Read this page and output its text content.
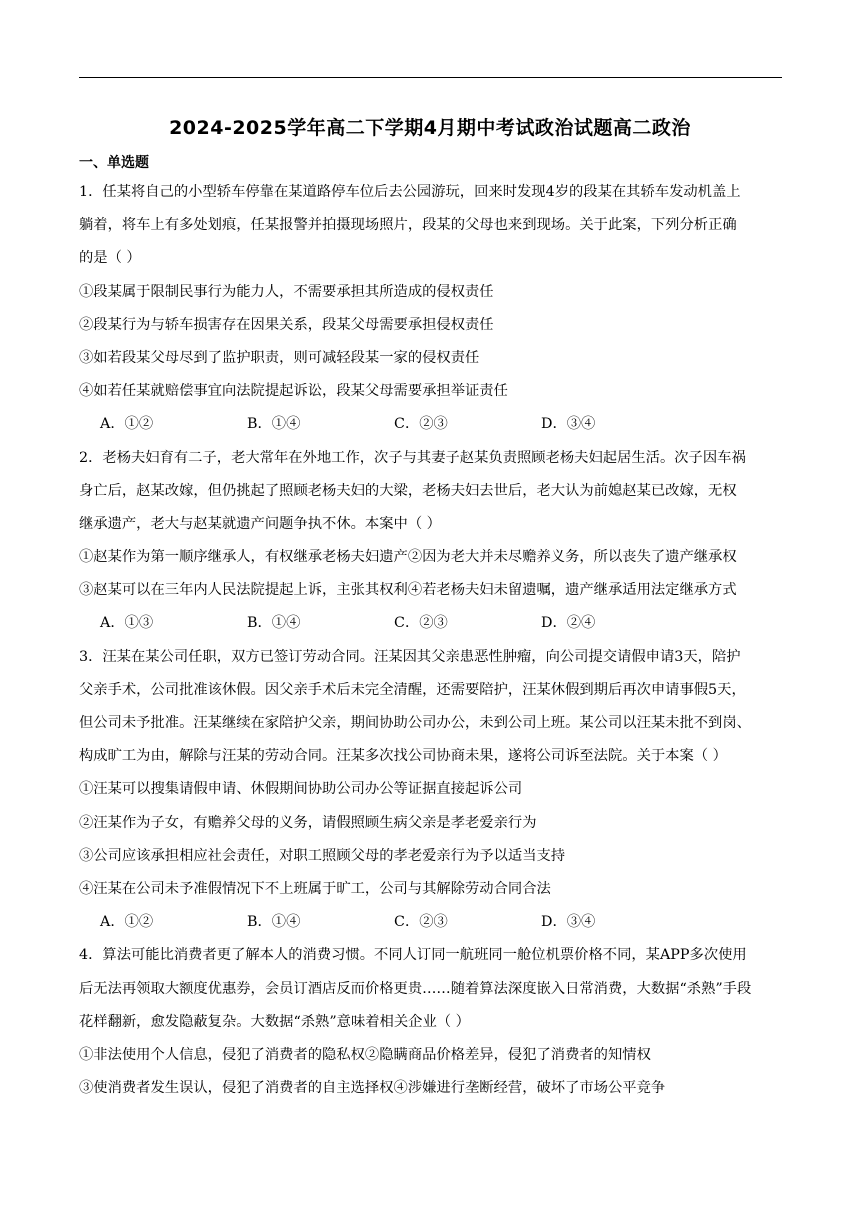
2024-2025学年高二下学期4月期中考试政治试题高二政治
一、单选题
1．任某将自己的小型轿车停靠在某道路停车位后去公园游玩，回来时发现4岁的段某在其轿车发动机盖上
躺着，将车上有多处划痕，任某报警并拍摄现场照片，段某的父母也来到现场。关于此案，下列分析正确
的是（ ）
①段某属于限制民事行为能力人，不需要承担其所造成的侵权责任
②段某行为与轿车损害存在因果关系，段某父母需要承担侵权责任
③如若段某父母尽到了监护职责，则可减轻段某一家的侵权责任
④如若任某就赔偿事宜向法院提起诉讼，段某父母需要承担举证责任
A．①②	B．①④	C．②③	D．③④
2．老杨夫妇育有二子，老大常年在外地工作，次子与其妻子赵某负责照顾老杨夫妇起居生活。次子因车祸
身亡后，赵某改嫁，但仍挑起了照顾老杨夫妇的大梁，老杨夫妇去世后，老大认为前媳赵某已改嫁，无权
继承遗产，老大与赵某就遗产问题争执不休。本案中（ ）
①赵某作为第一顺序继承人，有权继承老杨夫妇遗产②因为老大并未尽赡养义务，所以丧失了遗产继承权
③赵某可以在三年内人民法院提起上诉，主张其权利④若老杨夫妇未留遗嘱，遗产继承适用法定继承方式
A．①③	B．①④	C．②③	D．②④
3．汪某在某公司任职，双方已签订劳动合同。汪某因其父亲患恶性肿瘤，向公司提交请假申请3天，陪护
父亲手术，公司批准该休假。因父亲手术后未完全清醒，还需要陪护，汪某休假到期后再次申请事假5天，
但公司未予批准。汪某继续在家陪护父亲，期间协助公司办公，未到公司上班。某公司以汪某未批不到岗、
构成旷工为由，解除与汪某的劳动合同。汪某多次找公司协商未果，遂将公司诉至法院。关于本案（ ）
①汪某可以搜集请假申请、休假期间协助公司办公等证据直接起诉公司
②汪某作为子女，有赡养父母的义务，请假照顾生病父亲是孝老爱亲行为
③公司应该承担相应社会责任，对职工照顾父母的孝老爱亲行为予以适当支持
④汪某在公司未予准假情况下不上班属于旷工，公司与其解除劳动合同合法
A．①②	B．①④	C．②③	D．③④
4．算法可能比消费者更了解本人的消费习惯。不同人订同一航班同一舱位机票价格不同，某APP多次使用
后无法再领取大额度优惠券，会员订酒店反而价格更贵……随着算法深度嵌入日常消费，大数据“杀熟”手段
花样翻新，愈发隐蔽复杂。大数据“杀熟”意味着相关企业（ ）
①非法使用个人信息，侵犯了消费者的隐私权②隐瞒商品价格差异，侵犯了消费者的知情权
③使消费者发生误认，侵犯了消费者的自主选择权④涉嫌进行垄断经营，破坏了市场公平竞争
